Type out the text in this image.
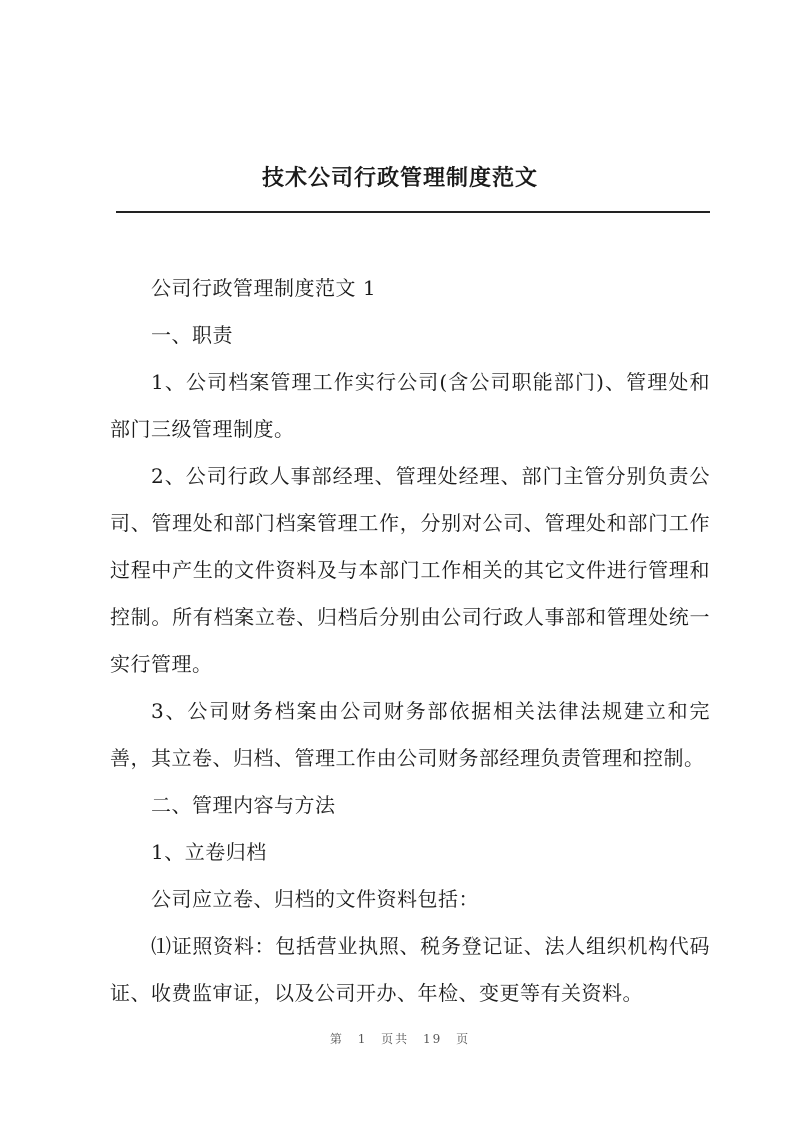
技术公司行政管理制度范文

公司行政管理制度范文 1

一、职责

1、公司档案管理工作实行公司(含公司职能部门)、管理处和部门三级管理制度。

2、公司行政人事部经理、管理处经理、部门主管分别负责公司、管理处和部门档案管理工作，分别对公司、管理处和部门工作过程中产生的文件资料及与本部门工作相关的其它文件进行管理和控制。所有档案立卷、归档后分别由公司行政人事部和管理处统一实行管理。

3、公司财务档案由公司财务部依据相关法律法规建立和完善，其立卷、归档、管理工作由公司财务部经理负责管理和控制。

二、管理内容与方法

1、立卷归档

公司应立卷、归档的文件资料包括：

⑴证照资料：包括营业执照、税务登记证、法人组织机构代码证、收费监审证，以及公司开办、年检、变更等有关资料。

第 1 页共 19 页
